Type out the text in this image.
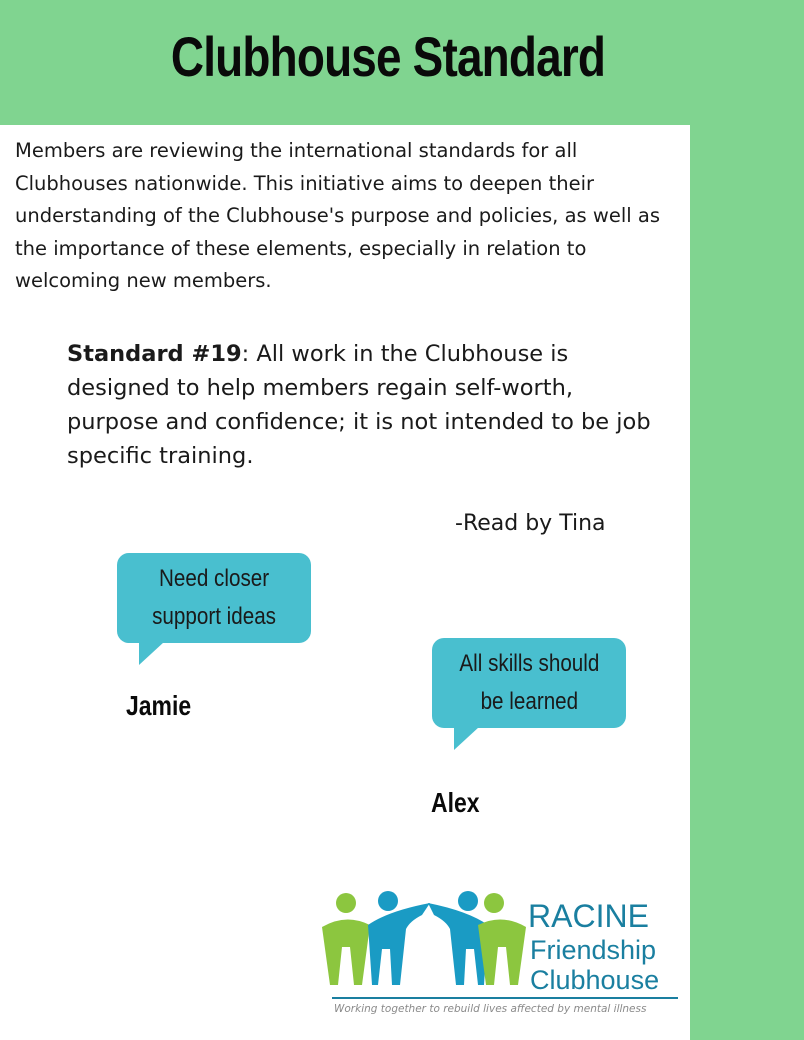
Clubhouse Standard

Members are reviewing the international standards for all Clubhouses nationwide. This initiative aims to deepen their understanding of the Clubhouse's purpose and policies, as well as the importance of these elements, especially in relation to welcoming new members.

Standard #19: All work in the Clubhouse is designed to help members regain self-worth, purpose and confidence; it is not intended to be job specific training.

-Read by Tina
Need closer
support ideas
Jamie
All skills should
be learned
Alex
RACINE
Friendship
Clubhouse
Working together to rebuild lives affected by mental illness
